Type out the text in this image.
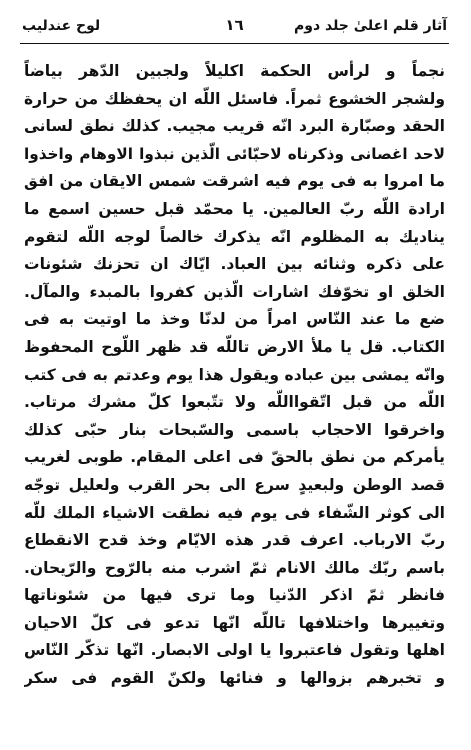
آثار قلم اعلیٰ جلد دوم
١٦
لوح عندليب
نجماً و لرأس الحكمة اكليلاً ولجبين الدّهر بياضاً
ولشجر الخشوع ثمراً. فاسئل اللّه ان يحفظك من حرارة
الحقد وصبّارة البرد انّه قريب مجيب. كذلك نطق لسانى
لاحد اغصانى وذكرناه لاحبّائى الّذين نبذوا الاوهام واخذوا
ما امروا به فى يوم فيه اشرقت شمس الايقان من افق
ارادة اللّه ربّ العالمين. يا محمّد قبل حسين اسمع ما
يناديك به المظلوم انّه يذكرك خالصاً لوجه اللّه لتقوم
على ذكره وثنائه بين العباد. ايّاك ان تحزنك شئونات
الخلق او تخوّفك اشارات الّذين كفروا بالمبدء والمآل.
ضع ما عند النّاس امراً من لدنّا وخذ ما اوتيت به فى
الكتاب. قل يا ملأ الارض تاللّه قد ظهر اللّوح المحفوظ
وانّه يمشى بين عباده ويقول هذا يوم وعدتم به فى كتب
اللّه من قبل اتّقوااللّه ولا تتّبعوا كلّ مشرك مرتاب.
واخرقوا الاحجاب باسمى والسّبحات بنار حبّى كذلك
يأمركم من نطق بالحقّ فى اعلى المقام. طوبى لغريب
قصد الوطن ولبعيدٍ سرع الى بحر القرب ولعليل توجّه
الى كوثر الشّفاء فى يوم فيه نطقت الاشياء الملك للّه
ربّ الارباب. اعرف قدر هذه الايّام وخذ قدح الانقطاع
باسم ربّك مالك الانام ثمّ اشرب منه بالرّوح والرّيحان.
فانظر ثمّ اذكر الدّنيا وما ترى فيها من شئوناتها
وتغييرها واختلافها تاللّه انّها تدعو فى كلّ الاحيان
اهلها وتقول فاعتبروا يا اولى الابصار. انّها تذكّر النّاس
و تخبرهم بزوالها و فنائها ولكنّ القوم فى سكر
